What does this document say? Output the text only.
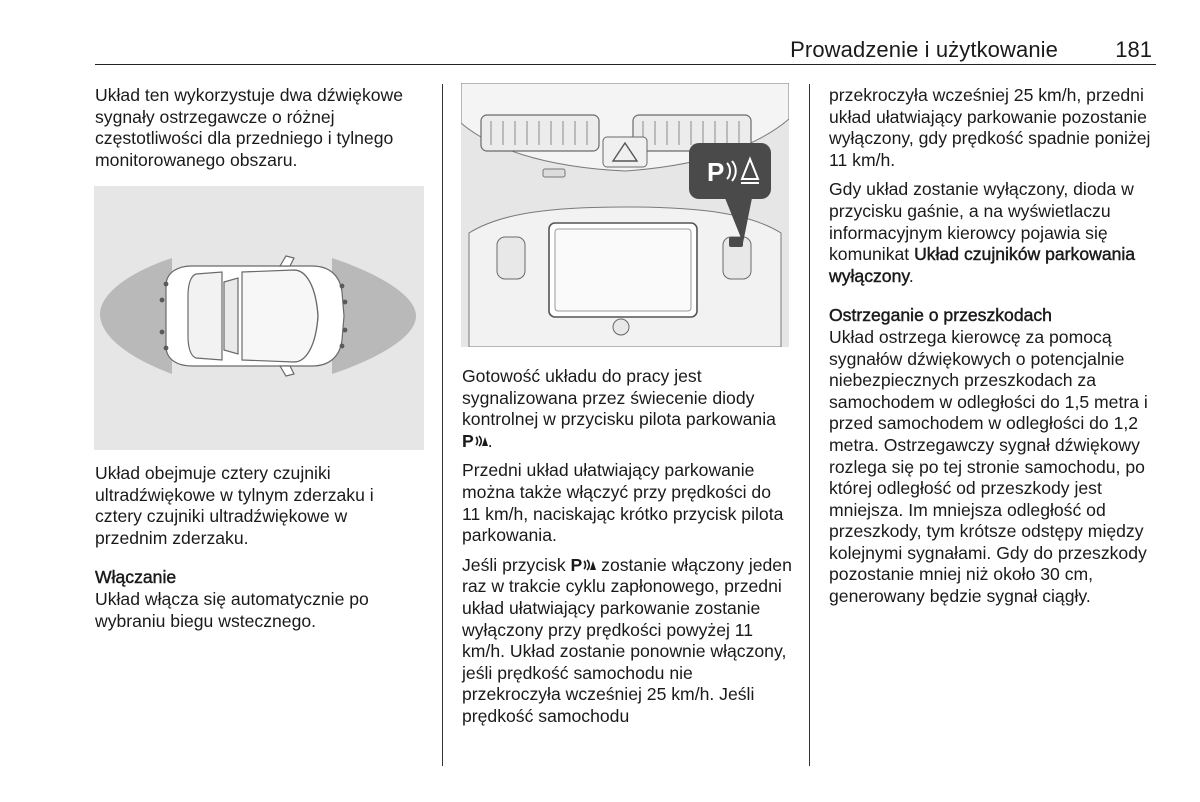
Prowadzenie i użytkowanie	181

Układ ten wykorzystuje dwa dźwiękowe sygnały ostrzegawcze o różnej częstotliwości dla przedniego i tylnego monitorowanego obszaru.

Układ obejmuje cztery czujniki ultradźwiękowe w tylnym zderzaku i cztery czujniki ultradźwiękowe w przednim zderzaku.

Włączanie

Układ włącza się automatycznie po wybraniu biegu wstecznego.

P

Gotowość układu do pracy jest sygnalizowana przez świecenie diody kontrolnej w przycisku pilota parkowania P .

Przedni układ ułatwiający parkowanie można także włączyć przy prędkości do 11 km/h, naciskając krótko przycisk pilota parkowania.

Jeśli przycisk P zostanie włączony jeden raz w trakcie cyklu zapłonowego, przedni układ ułatwiający parkowanie zostanie wyłączony przy prędkości powyżej 11 km/h. Układ zostanie ponownie włączony, jeśli prędkość samochodu nie przekroczyła wcześniej 25 km/h. Jeśli prędkość samochodu

przekroczyła wcześniej 25 km/h, przedni układ ułatwiający parkowanie pozostanie wyłączony, gdy prędkość spadnie poniżej 11 km/h.

Gdy układ zostanie wyłączony, dioda w przycisku gaśnie, a na wyświetlaczu informacyjnym kierowcy pojawia się komunikat Układ czujników parkowania wyłączony.

Ostrzeganie o przeszkodach

Układ ostrzega kierowcę za pomocą sygnałów dźwiękowych o potencjalnie niebezpiecznych przeszkodach za samochodem w odległości do 1,5 metra i przed samochodem w odległości do 1,2 metra. Ostrzegawczy sygnał dźwiękowy rozlega się po tej stronie samochodu, po której odległość od przeszkody jest mniejsza. Im mniejsza odległość od przeszkody, tym krótsze odstępy między kolejnymi sygnałami. Gdy do przeszkody pozostanie mniej niż około 30 cm, generowany będzie sygnał ciągły.
